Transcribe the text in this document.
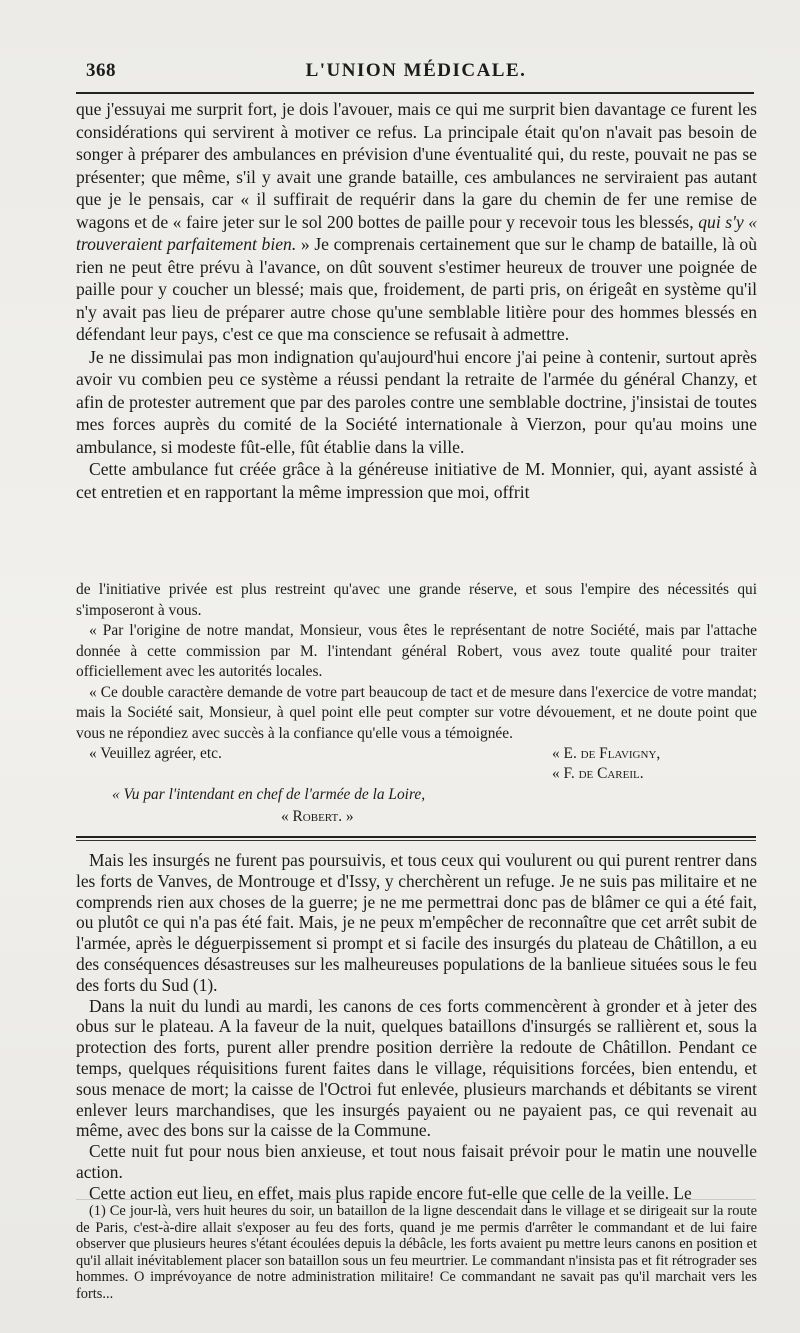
368	L'UNION MÉDICALE.

que j'essuyai me surprit fort, je dois l'avouer, mais ce qui me surprit bien davantage ce furent les considérations qui servirent à motiver ce refus. La principale était qu'on n'avait pas besoin de songer à préparer des ambulances en prévision d'une éventualité qui, du reste, pouvait ne pas se présenter; que même, s'il y avait une grande bataille, ces ambulances ne serviraient pas autant que je le pensais, car « il suffirait de requérir dans la gare du chemin de fer une remise de wagons et de « faire jeter sur le sol 200 bottes de paille pour y recevoir tous les blessés, qui s'y « trouveraient parfaitement bien. » Je comprenais certainement que sur le champ de bataille, là où rien ne peut être prévu à l'avance, on dût souvent s'estimer heureux de trouver une poignée de paille pour y coucher un blessé; mais que, froidement, de parti pris, on érigeât en système qu'il n'y avait pas lieu de préparer autre chose qu'une semblable litière pour des hommes blessés en défendant leur pays, c'est ce que ma conscience se refusait à admettre.

Je ne dissimulai pas mon indignation qu'aujourd'hui encore j'ai peine à contenir, surtout après avoir vu combien peu ce système a réussi pendant la retraite de l'armée du général Chanzy, et afin de protester autrement que par des paroles contre une semblable doctrine, j'insistai de toutes mes forces auprès du comité de la Société internationale à Vierzon, pour qu'au moins une ambulance, si modeste fût-elle, fût établie dans la ville.

Cette ambulance fut créée grâce à la généreuse initiative de M. Monnier, qui, ayant assisté à cet entretien et en rapportant la même impression que moi, offrit

de l'initiative privée est plus restreint qu'avec une grande réserve, et sous l'empire des nécessités qui s'imposeront à vous.

« Par l'origine de notre mandat, Monsieur, vous êtes le représentant de notre Société, mais par l'attache donnée à cette commission par M. l'intendant général Robert, vous avez toute qualité pour traiter officiellement avec les autorités locales.

« Ce double caractère demande de votre part beaucoup de tact et de mesure dans l'exercice de votre mandat; mais la Société sait, Monsieur, à quel point elle peut compter sur votre dévouement, et ne doute point que vous ne répondiez avec succès à la confiance qu'elle vous a témoignée.

« Veuillez agréer, etc.	« E. de Flavigny,
« F. de Careil.
« Vu par l'intendant en chef de l'armée de la Loire,
« Robert. »

Mais les insurgés ne furent pas poursuivis, et tous ceux qui voulurent ou qui purent rentrer dans les forts de Vanves, de Montrouge et d'Issy, y cherchèrent un refuge. Je ne suis pas militaire et ne comprends rien aux choses de la guerre; je ne me permettrai donc pas de blâmer ce qui a été fait, ou plutôt ce qui n'a pas été fait. Mais, je ne peux m'empêcher de reconnaître que cet arrêt subit de l'armée, après le déguerpissement si prompt et si facile des insurgés du plateau de Châtillon, a eu des conséquences désastreuses sur les malheureuses populations de la banlieue situées sous le feu des forts du Sud (1).

Dans la nuit du lundi au mardi, les canons de ces forts commencèrent à gronder et à jeter des obus sur le plateau. A la faveur de la nuit, quelques bataillons d'insurgés se rallièrent et, sous la protection des forts, purent aller prendre position derrière la redoute de Châtillon. Pendant ce temps, quelques réquisitions furent faites dans le village, réquisitions forcées, bien entendu, et sous menace de mort; la caisse de l'Octroi fut enlevée, plusieurs marchands et débitants se virent enlever leurs marchandises, que les insurgés payaient ou ne payaient pas, ce qui revenait au même, avec des bons sur la caisse de la Commune.

Cette nuit fut pour nous bien anxieuse, et tout nous faisait prévoir pour le matin une nouvelle action.

Cette action eut lieu, en effet, mais plus rapide encore fut-elle que celle de la veille. Le

(1) Ce jour-là, vers huit heures du soir, un bataillon de la ligne descendait dans le village et se dirigeait sur la route de Paris, c'est-à-dire allait s'exposer au feu des forts, quand je me permis d'arrêter le commandant et de lui faire observer que plusieurs heures s'étant écoulées depuis la débâcle, les forts avaient pu mettre leurs canons en position et qu'il allait inévitablement placer son bataillon sous un feu meurtrier. Le commandant n'insista pas et fit rétrograder ses hommes. O imprévoyance de notre administration militaire! Ce commandant ne savait pas qu'il marchait vers les forts...
